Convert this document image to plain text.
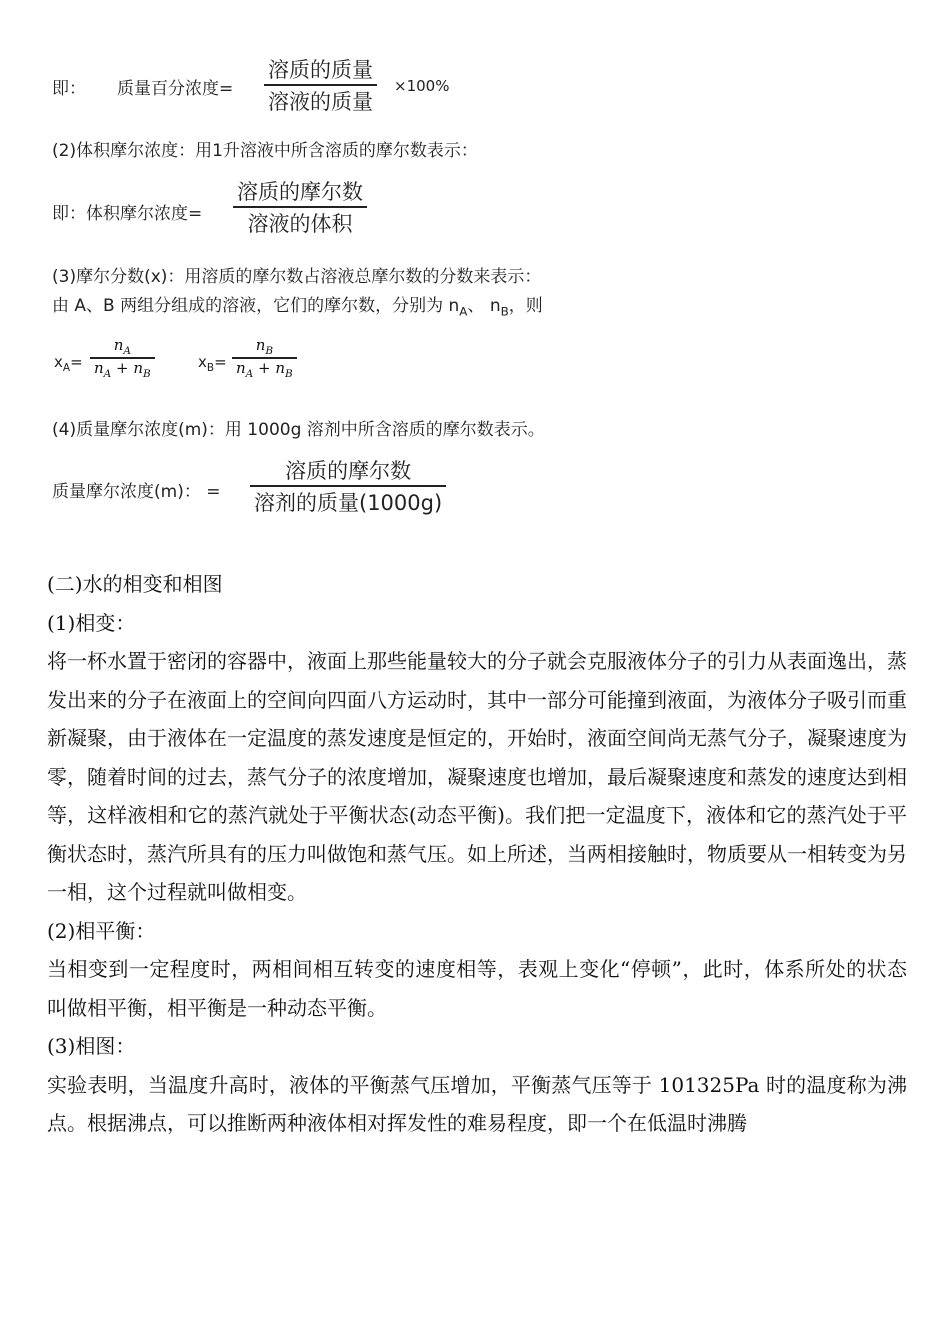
即： 质量百分浓度=
溶质的质量
溶液的质量
×100%
(2)体积摩尔浓度：用1升溶液中所含溶质的摩尔数表示：
即：体积摩尔浓度=
溶质的摩尔数
溶液的体积
(3)摩尔分数(x)：用溶质的摩尔数占溶液总摩尔数的分数来表示：
由 A、B 两组分组成的溶液，它们的摩尔数，分别为 $n_A$、 $n_B$，则
$x_A=$
$n_A$
$n_A + n_B$
$x_B=$
$n_B$
$n_A + n_B$
(4)质量摩尔浓度(m)：用 1000g 溶剂中所含溶质的摩尔数表示。
质量摩尔浓度(m)： =
溶质的摩尔数
溶剂的质量(1000g)

(二)水的相变和相图

(1)相变：

将一杯水置于密闭的容器中，液面上那些能量较大的分子就会克服液体分子的引力从表面逸出，蒸发出来的分子在液面上的空间向四面八方运动时，其中一部分可能撞到液面，为液体分子吸引而重新凝聚，由于液体在一定温度的蒸发速度是恒定的，开始时，液面空间尚无蒸气分子，凝聚速度为零，随着时间的过去，蒸气分子的浓度增加，凝聚速度也增加，最后凝聚速度和蒸发的速度达到相等，这样液相和它的蒸汽就处于平衡状态(动态平衡)。我们把一定温度下，液体和它的蒸汽处于平衡状态时，蒸汽所具有的压力叫做饱和蒸气压。如上所述，当两相接触时，物质要从一相转变为另一相，这个过程就叫做相变。

(2)相平衡：

当相变到一定程度时，两相间相互转变的速度相等，表观上变化“停顿”，此时，体系所处的状态叫做相平衡，相平衡是一种动态平衡。

(3)相图：

实验表明，当温度升高时，液体的平衡蒸气压增加，平衡蒸气压等于 101325Pa 时的温度称为沸点。根据沸点，可以推断两种液体相对挥发性的难易程度，即一个在低温时沸腾
